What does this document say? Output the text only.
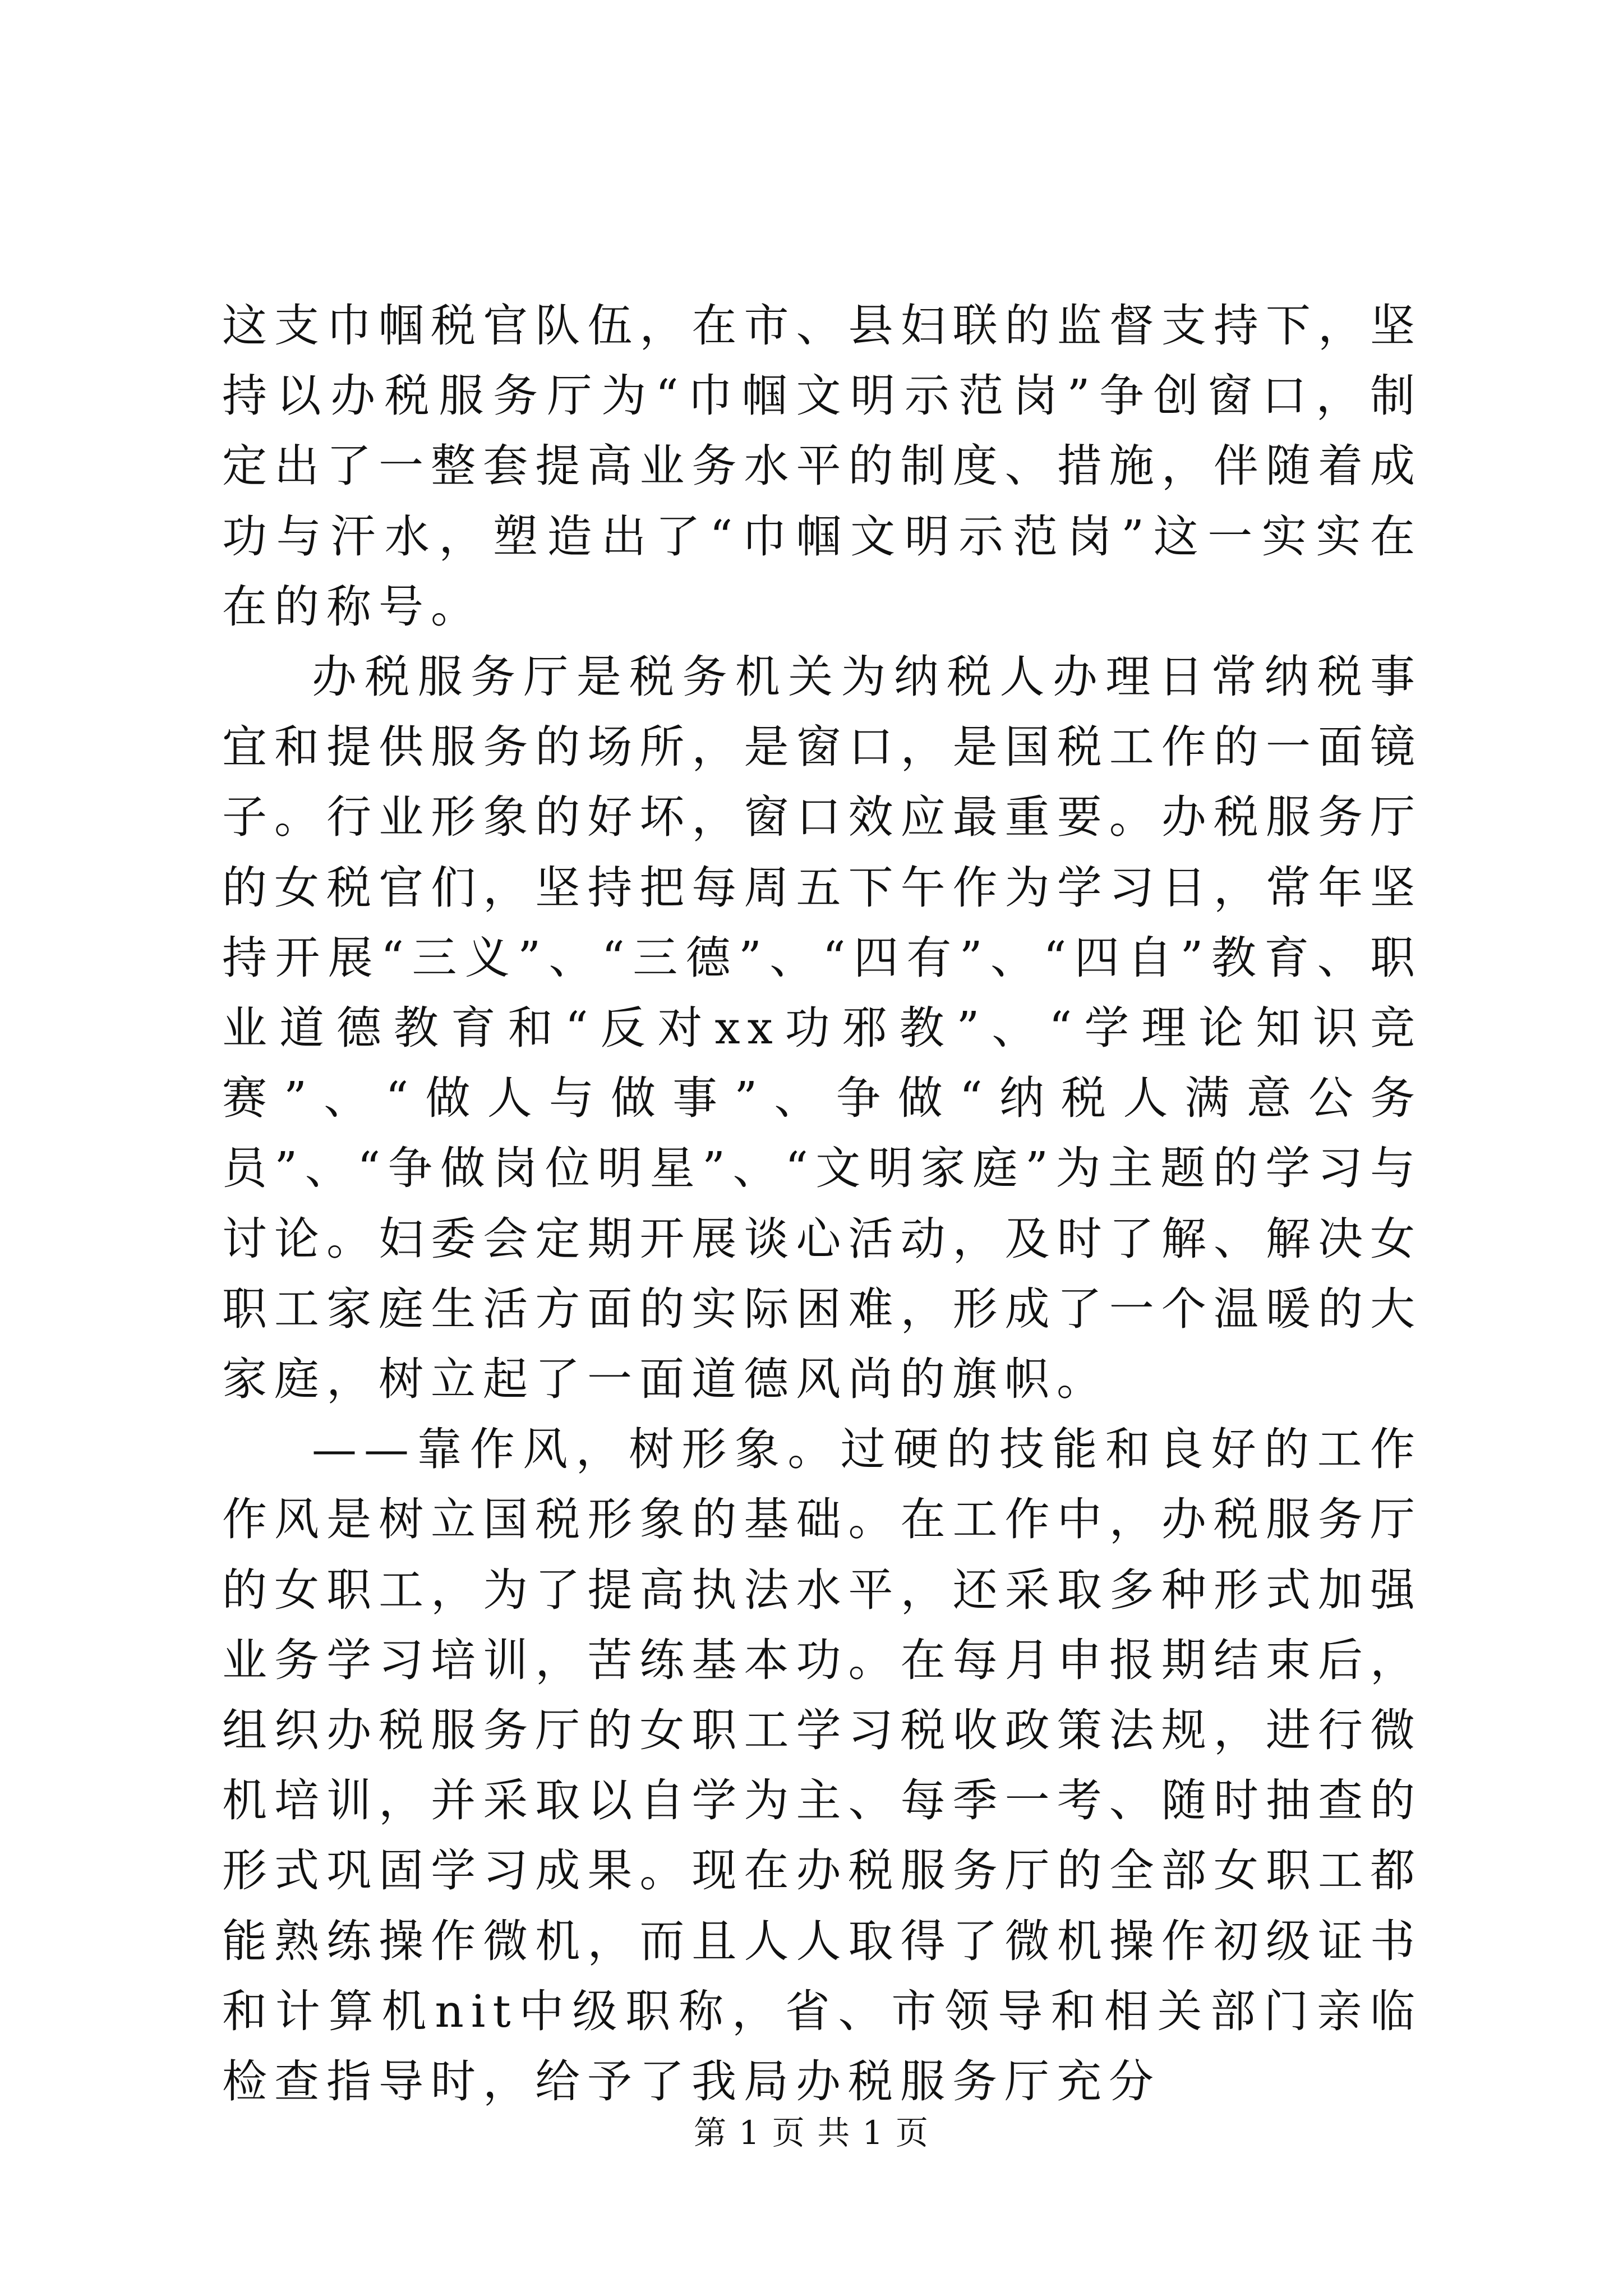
这支巾帼税官队伍，在市、县妇联的监督支持下，坚持以办税服务厅为“巾帼文明示范岗”争创窗口，制定出了一整套提高业务水平的制度、措施，伴随着成功与汗水，塑造出了“巾帼文明示范岗”这一实实在在的称号。

办税服务厅是税务机关为纳税人办理日常纳税事宜和提供服务的场所，是窗口，是国税工作的一面镜子。行业形象的好坏，窗口效应最重要。办税服务厅的女税官们，坚持把每周五下午作为学习日，常年坚持开展“三义”、“三德”、“四有”、“四自”教育、职业道德教育和“反对xx功邪教”、“学理论知识竞赛”、“做人与做事”、争做“纳税人满意公务员”、“争做岗位明星”、“文明家庭”为主题的学习与讨论。妇委会定期开展谈心活动，及时了解、解决女职工家庭生活方面的实际困难，形成了一个温暖的大家庭，树立起了一面道德风尚的旗帜。

——靠作风，树形象。过硬的技能和良好的工作作风是树立国税形象的基础。在工作中，办税服务厅的女职工，为了提高执法水平，还采取多种形式加强业务学习培训，苦练基本功。在每月申报期结束后，组织办税服务厅的女职工学习税收政策法规，进行微机培训，并采取以自学为主、每季一考、随时抽查的形式巩固学习成果。现在办税服务厅的全部女职工都能熟练操作微机，而且人人取得了微机操作初级证书和计算机nit中级职称，省、市领导和相关部门亲临检查指导时，给予了我局办税服务厅充分

第 1 页 共 1 页
